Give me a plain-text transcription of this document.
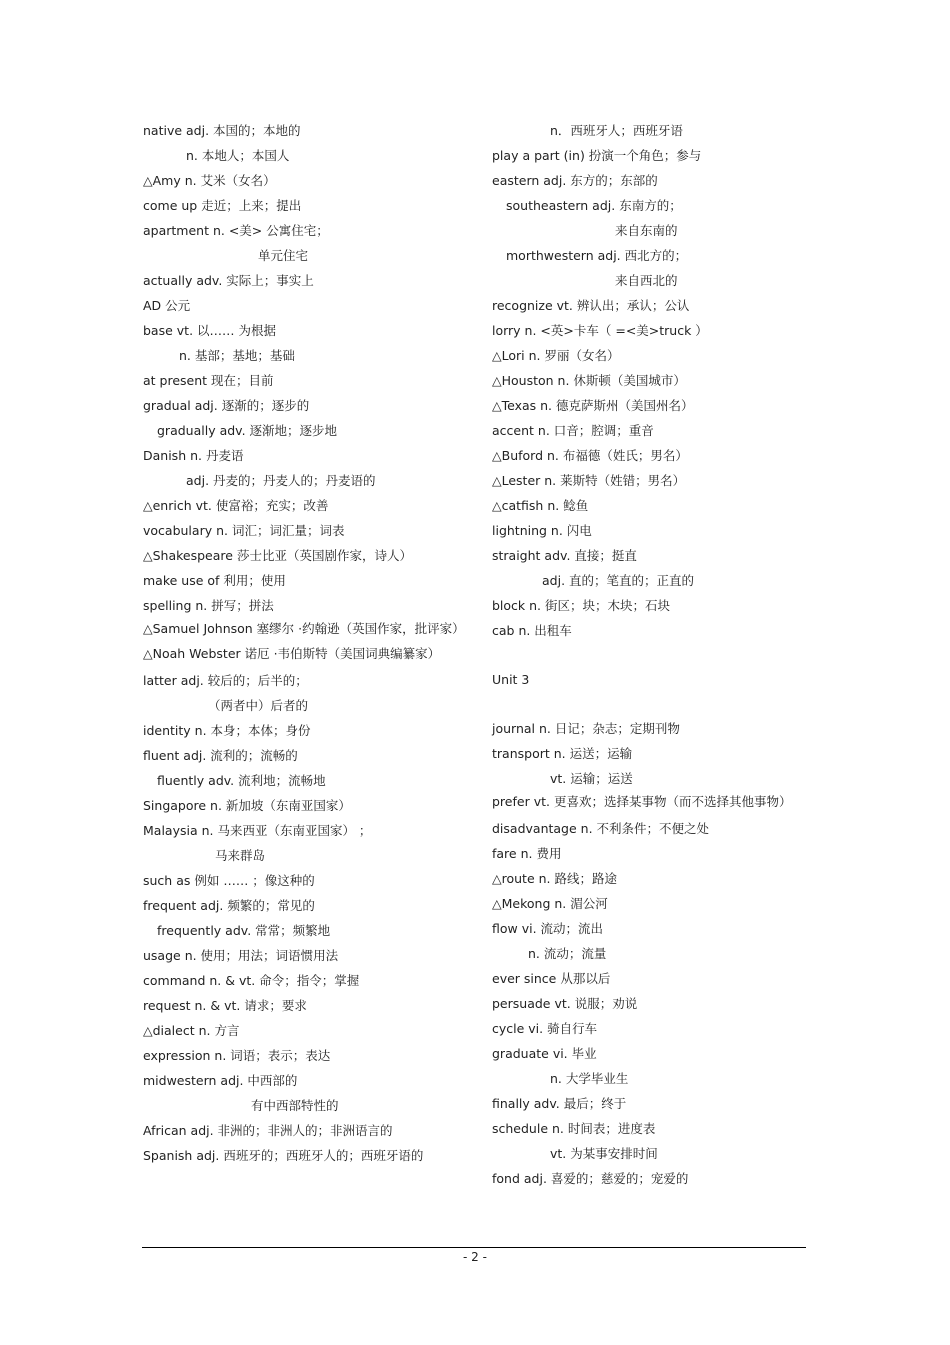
native adj. 本国的；本地的
n. 本地人；本国人
△Amy n. 艾米（女名）
come up 走近；上来；提出
apartment n. <美> 公寓住宅；
单元住宅
actually adv. 实际上；事实上
AD 公元
base vt. 以…… 为根据
n. 基部；基地；基础
at present 现在；目前
gradual adj. 逐渐的；逐步的
gradually adv. 逐渐地；逐步地
Danish n. 丹麦语
adj. 丹麦的；丹麦人的；丹麦语的
△enrich vt. 使富裕；充实；改善
vocabulary n. 词汇；词汇量；词表
△Shakespeare 莎士比亚（英国剧作家，诗人）
make use of 利用；使用
spelling n. 拼写；拼法
△Samuel Johnson 塞缪尔 ·约翰逊（英国作家，批评家）
△Noah Webster 诺厄 ·韦伯斯特（美国词典编纂家）
latter adj. 较后的；后半的；
（两者中）后者的
identity n. 本身；本体；身份
fluent adj. 流利的；流畅的
fluently adv. 流利地；流畅地
Singapore n. 新加坡（东南亚国家）
Malaysia n. 马来西亚（东南亚国家） ；
马来群岛
such as 例如 …… ；像这种的
frequent adj. 频繁的；常见的
frequently adv. 常常；频繁地
usage n. 使用；用法；词语惯用法
command n. & vt. 命令；指令；掌握
request n. & vt. 请求；要求
△dialect n. 方言
expression n. 词语；表示；表达
midwestern adj. 中西部的
有中西部特性的
African adj. 非洲的；非洲人的；非洲语言的
Spanish adj. 西班牙的；西班牙人的；西班牙语的
n．西班牙人；西班牙语
play a part (in) 扮演一个角色；参与
eastern adj. 东方的；东部的
southeastern adj. 东南方的；
来自东南的
morthwestern adj. 西北方的；
来自西北的
recognize vt. 辨认出；承认；公认
lorry n. <英>卡车（ =<美>truck ）
△Lori n. 罗丽（女名）
△Houston n. 休斯顿（美国城市）
△Texas n. 德克萨斯州（美国州名）
accent n. 口音；腔调；重音
△Buford n. 布福德（姓氏；男名）
△Lester n. 莱斯特（姓错；男名）
△catfish n. 鲶鱼
lightning n. 闪电
straight adv. 直接；挺直
adj. 直的；笔直的；正直的
block n. 街区；块；木块；石块
cab n. 出租车
Unit 3
journal n. 日记；杂志；定期刊物
transport n. 运送；运输
vt. 运输；运送
prefer vt. 更喜欢；选择某事物（而不选择其他事物）
disadvantage n. 不利条件；不便之处
fare n. 费用
△route n. 路线；路途
△Mekong n. 湄公河
flow vi. 流动；流出
n. 流动；流量
ever since 从那以后
persuade vt. 说服；劝说
cycle vi. 骑自行车
graduate vi. 毕业
n. 大学毕业生
finally adv. 最后；终于
schedule n. 时间表；进度表
vt. 为某事安排时间
fond adj. 喜爱的；慈爱的；宠爱的
- 2 -
